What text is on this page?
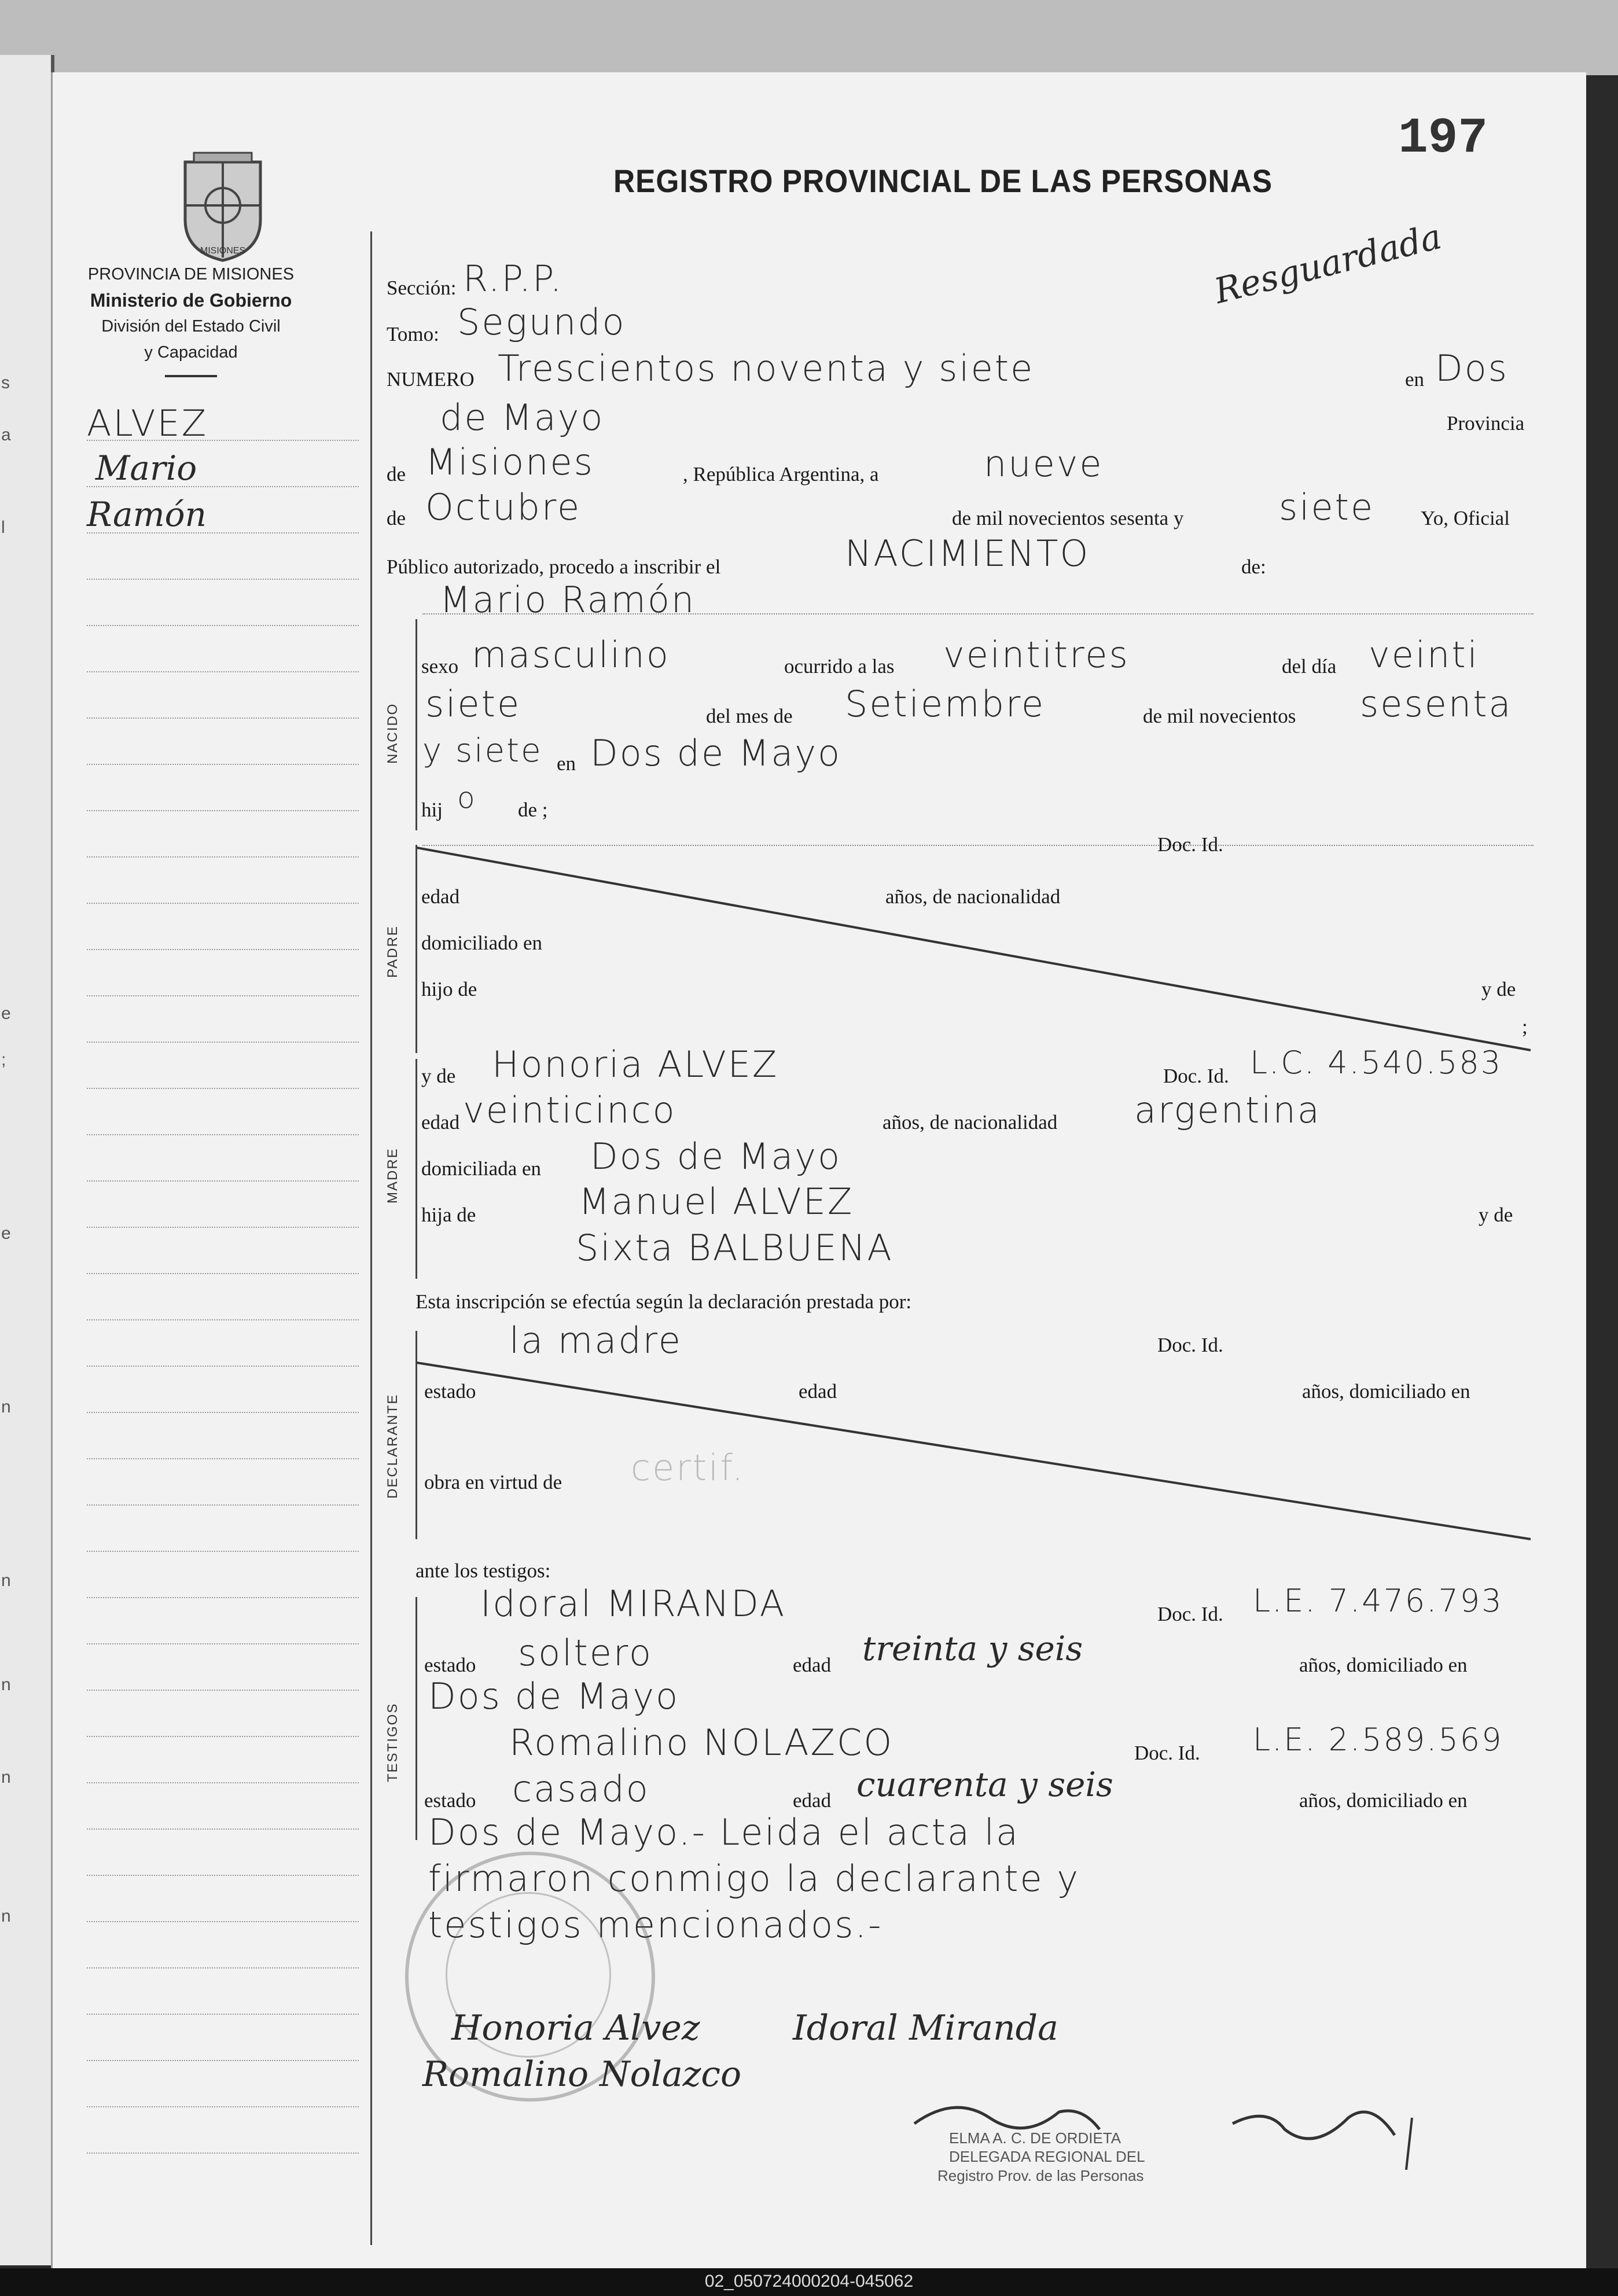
s
a
l
e
;
e
n
n
n
n
n
MISIONES
197
REGISTRO PROVINCIAL DE LAS PERSONAS
PROVINCIA DE MISIONES
Ministerio de Gobierno
División del Estado Civil
y Capacidad
ALVEZ
Mario
Ramón
Resguardada
Sección: R.P.P.
Tomo: Segundo
NUMERO Trescientos noventa y siete	en Dos
de Mayo	Provincia
de Misiones	, República Argentina, a	nueve
de Octubre	de mil novecientos sesenta y	siete Yo, Oficial
Público autorizado, procedo a inscribir el	NACIMIENTO	de:
Mario Ramón
NACIDO
sexo masculino	ocurrido a las veintitres	del día veinti
siete	del mes de Setiembre	de mil novecientos sesenta
y siete en Dos de Mayo
hij o de ;
Doc. Id.
PADRE
edad	años, de nacionalidad
domiciliado en
hijo de	y de
;
MADRE
y de Honoria ALVEZ	Doc. Id. L.C. 4.540.583
edad veinticinco	años, de nacionalidad argentina
domiciliada en Dos de Mayo
hija de	Manuel ALVEZ	y de
Sixta BALBUENA
Esta inscripción se efectúa según la declaración prestada por:
DECLARANTE
la madre	Doc. Id.
estado	edad	años, domiciliado en
obra en virtud de certif.
ante los testigos:
TESTIGOS
Idoral MIRANDA	Doc. Id. L.E. 7.476.793
estado soltero	edad treinta y seis	años, domiciliado en
Dos de Mayo
Romalino NOLAZCO	Doc. Id. L.E. 2.589.569
estado casado	edad cuarenta y seis	años, domiciliado en
Dos de Mayo.- Leida el acta la
firmaron conmigo la declarante y
testigos mencionados.-
Honoria Alvez	Idoral Miranda
Romalino Nolazco
ELMA A. C. DE ORDIETA
DELEGADA REGIONAL DEL
Registro Prov. de las Personas
02_050724000204-045062
